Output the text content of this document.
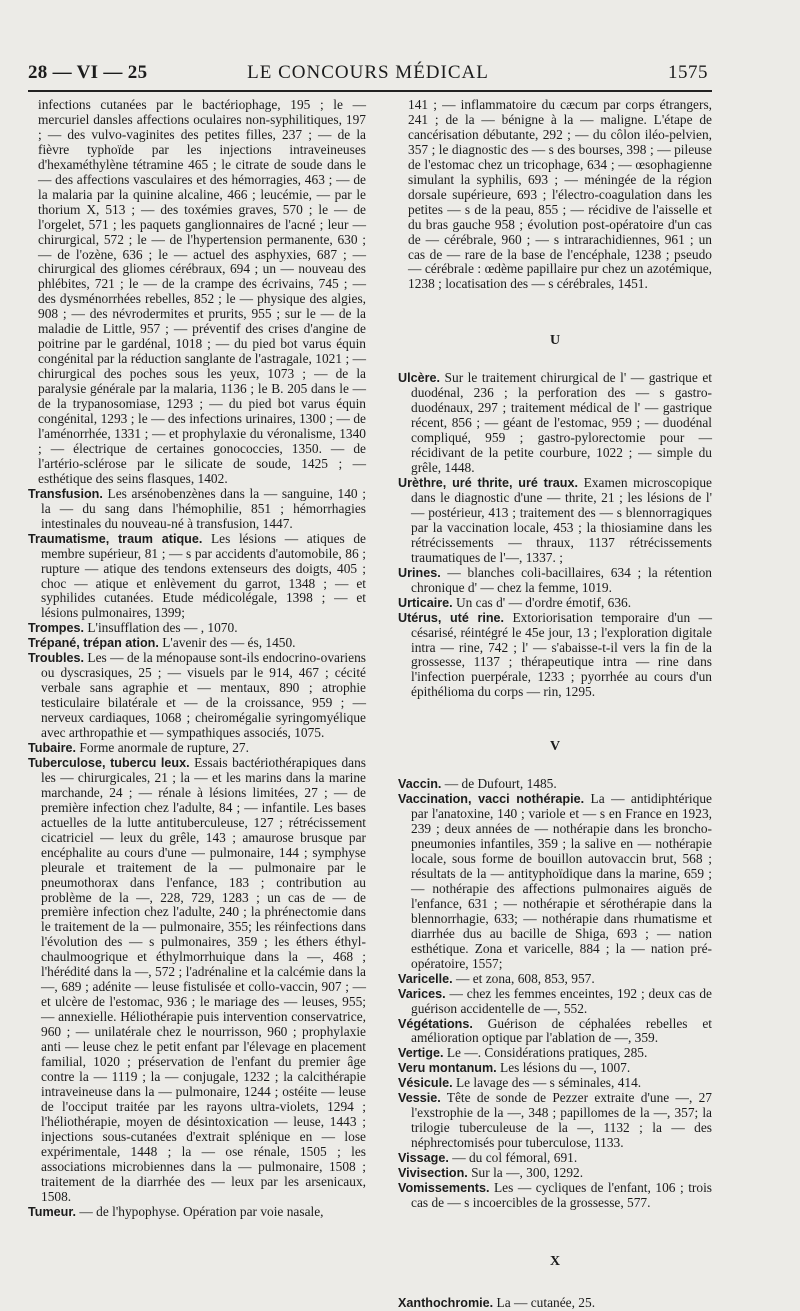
28 — VI — 25	LE CONCOURS MÉDICAL	1575

infections cutanées par le bactériophage, 195 ; le — mercuriel dansles affections oculaires non-syphilitiques, 197 ; — des vulvo-vaginites des petites filles, 237 ; — de la fièvre typhoïde par les injections intraveineuses d'hexaméthylène tétramine 465 ; le citrate de soude dans le — des affections vasculaires et des hémorragies, 463 ; — de la malaria par la quinine alcaline, 466 ; leucémie, — par le thorium X, 513 ; — des toxémies graves, 570 ; le — de l'orgelet, 571 ; les paquets ganglionnaires de l'acné ; leur — chirurgical, 572 ; le — de l'hypertension permanente, 630 ; — de l'ozène, 636 ; le — actuel des asphyxies, 687 ; — chirurgical des gliomes cérébraux, 694 ; un — nouveau des phlébites, 721 ; le — de la crampe des écrivains, 745 ; — des dysménorrhées rebelles, 852 ; le — physique des algies, 908 ; — des névrodermites et prurits, 955 ; sur le — de la maladie de Little, 957 ; — préventif des crises d'angine de poitrine par le gardénal, 1018 ; — du pied bot varus équin congénital par la réduction sanglante de l'astragale, 1021 ; — chirurgical des poches sous les yeux, 1073 ; — de la paralysie générale par la malaria, 1136 ; le B. 205 dans le — de la trypanosomiase, 1293 ; — du pied bot varus équin congénital, 1293 ; le — des infections urinaires, 1300 ; — de l'aménorrhée, 1331 ; — et prophylaxie du véronalisme, 1340 ; — électrique de certaines gonococcies, 1350. — de l'artério-sclérose par le silicate de soude, 1425 ; — esthétique des seins flasques, 1402.

Transfusion. Les arsénobenzènes dans la — sanguine, 140 ; la — du sang dans l'hémophilie, 851 ; hémorrhagies intestinales du nouveau-né à transfusion, 1447.

Traumatisme, traum atique. Les lésions — atiques de membre supérieur, 81 ; — s par accidents d'automobile, 86 ; rupture — atique des tendons extenseurs des doigts, 405 ; choc — atique et enlèvement du garrot, 1348 ; — et syphilides cutanées. Etude médicolégale, 1398 ; — et lésions pulmonaires, 1399;

Trompes. L'insufflation des — , 1070.

Trépané, trépan ation. L'avenir des — és, 1450.

Troubles. Les — de la ménopause sont-ils endocrino-ovariens ou dyscrasiques, 25 ; — visuels par le 914, 467 ; cécité verbale sans agraphie et — mentaux, 890 ; atrophie testiculaire bilatérale et — de la croissance, 959 ; — nerveux cardiaques, 1068 ; cheiromégalie syringomyélique avec arthropathie et — sympathiques associés, 1075.

Tubaire. Forme anormale de rupture, 27.

Tuberculose, tubercu leux. Essais bactériothérapiques dans les — chirurgicales, 21 ; la — et les marins dans la marine marchande, 24 ; — rénale à lésions limitées, 27 ; — de première infection chez l'adulte, 84 ; — infantile. Les bases actuelles de la lutte antituberculeuse, 127 ; rétrécissement cicatriciel — leux du grêle, 143 ; amaurose brusque par encéphalite au cours d'une — pulmonaire, 144 ; symphyse pleurale et traitement de la — pulmonaire par le pneumothorax dans l'enfance, 183 ; contribution au problème de la —, 228, 729, 1283 ; un cas de — de première infection chez l'adulte, 240 ; la phrénectomie dans le traitement de la — pulmonaire, 355; les réinfections dans l'évolution des — s pulmonaires, 359 ; les éthers éthyl-chaulmoogrique et éthylmorrhuique dans la —, 468 ; l'hérédité dans la —, 572 ; l'adrénaline et la calcémie dans la —, 689 ; adénite — leuse fistulisée et collo-vaccin, 907 ; — et ulcère de l'estomac, 936 ; le mariage des — leuses, 955; — annexielle. Héliothérapie puis intervention conservatrice, 960 ; — unilatérale chez le nourrisson, 960 ; prophylaxie anti — leuse chez le petit enfant par l'élevage en placement familial, 1020 ; préservation de l'enfant du premier âge contre la — 1119 ; la — conjugale, 1232 ; la calcithérapie intraveineuse dans la — pulmonaire, 1244 ; ostéite — leuse de l'occiput traitée par les rayons ultra-violets, 1294 ; l'héliothérapie, moyen de désintoxication — leuse, 1443 ; injections sous-cutanées d'extrait splénique en — lose expérimentale, 1448 ; la — ose rénale, 1505 ; les associations microbiennes dans la — pulmonaire, 1508 ; traitement de la diarrhée des — leux par les arsenicaux, 1508.

Tumeur. — de l'hypophyse. Opération par voie nasale,

141 ; — inflammatoire du cæcum par corps étrangers, 241 ; de la — bénigne à la — maligne. L'étape de cancérisation débutante, 292 ; — du côlon iléo-pelvien, 357 ; le diagnostic des — s des bourses, 398 ; — pileuse de l'estomac chez un tricophage, 634 ; — œsophagienne simulant la syphilis, 693 ; — méningée de la région dorsale supérieure, 693 ; l'électro-coagulation dans les petites — s de la peau, 855 ; — récidive de l'aisselle et du bras gauche 958 ; évolution post-opératoire d'un cas de — cérébrale, 960 ; — s intrarachidiennes, 961 ; un cas de — rare de la base de l'encéphale, 1238 ; pseudo — cérébrale : œdème papillaire pur chez un azotémique, 1238 ; locatisation des — s cérébrales, 1451.

U

Ulcère. Sur le traitement chirurgical de l' — gastrique et duodénal, 236 ; la perforation des — s gastro-duodénaux, 297 ; traitement médical de l' — gastrique récent, 856 ; — géant de l'estomac, 959 ; — duodénal compliqué, 959 ; gastro-pylorectomie pour — récidivant de la petite courbure, 1022 ; — simple du grêle, 1448.

Urèthre, uré thrite, uré traux. Examen microscopique dans le diagnostic d'une — thrite, 21 ; les lésions de l' — postérieur, 413 ; traitement des — s blennorragiques par la vaccination locale, 453 ; la thiosiamine dans les rétrécissements — thraux, 1137 rétrécissements traumatiques de l'—, 1337. ;

Urines. — blanches coli-bacillaires, 634 ; la rétention chronique d' — chez la femme, 1019.

Urticaire. Un cas d' — d'ordre émotif, 636.

Utérus, uté rine. Extoriorisation temporaire d'un — césarisé, réintégré le 45e jour, 13 ; l'exploration digitale intra — rine, 742 ; l' — s'abaisse-t-il vers la fin de la grossesse, 1137 ; thérapeutique intra — rine dans l'infection puerpérale, 1233 ; pyorrhée au cours d'un épithélioma du corps — rin, 1295.

V

Vaccin. — de Dufourt, 1485.

Vaccination, vacci nothérapie. La — antidiphtérique par l'anatoxine, 140 ; variole et — s en France en 1923, 239 ; deux années de — nothérapie dans les broncho-pneumonies infantiles, 359 ; la salive en — nothérapie locale, sous forme de bouillon autovaccin brut, 568 ; résultats de la — antityphoïdique dans la marine, 659 ; — nothérapie des affections pulmonaires aiguës de l'enfance, 631 ; — nothérapie et sérothérapie dans la blennorrhagie, 633; — nothérapie dans rhumatisme et diarrhée dus au bacille de Shiga, 693 ; — nation esthétique. Zona et varicelle, 884 ; la — nation pré-opératoire, 1557;

Varicelle. — et zona, 608, 853, 957.

Varices. — chez les femmes enceintes, 192 ; deux cas de guérison accidentelle de —, 552.

Végétations. Guérison de céphalées rebelles et amélioration optique par l'ablation de —, 359.

Vertige. Le —. Considérations pratiques, 285.

Veru montanum. Les lésions du —, 1007.

Vésicule. Le lavage des — s séminales, 414.

Vessie. Tête de sonde de Pezzer extraite d'une —, 27 l'exstrophie de la —, 348 ; papillomes de la —, 357; la trilogie tuberculeuse de la —, 1132 ; la — des néphrectomisés pour tuberculose, 1133.

Vissage. — du col fémoral, 691.

Vivisection. Sur la —, 300, 1292.

Vomissements. Les — cycliques de l'enfant, 106 ; trois cas de — s incoercibles de la grossesse, 577.

X

Xanthochromie. La — cutanée, 25.
